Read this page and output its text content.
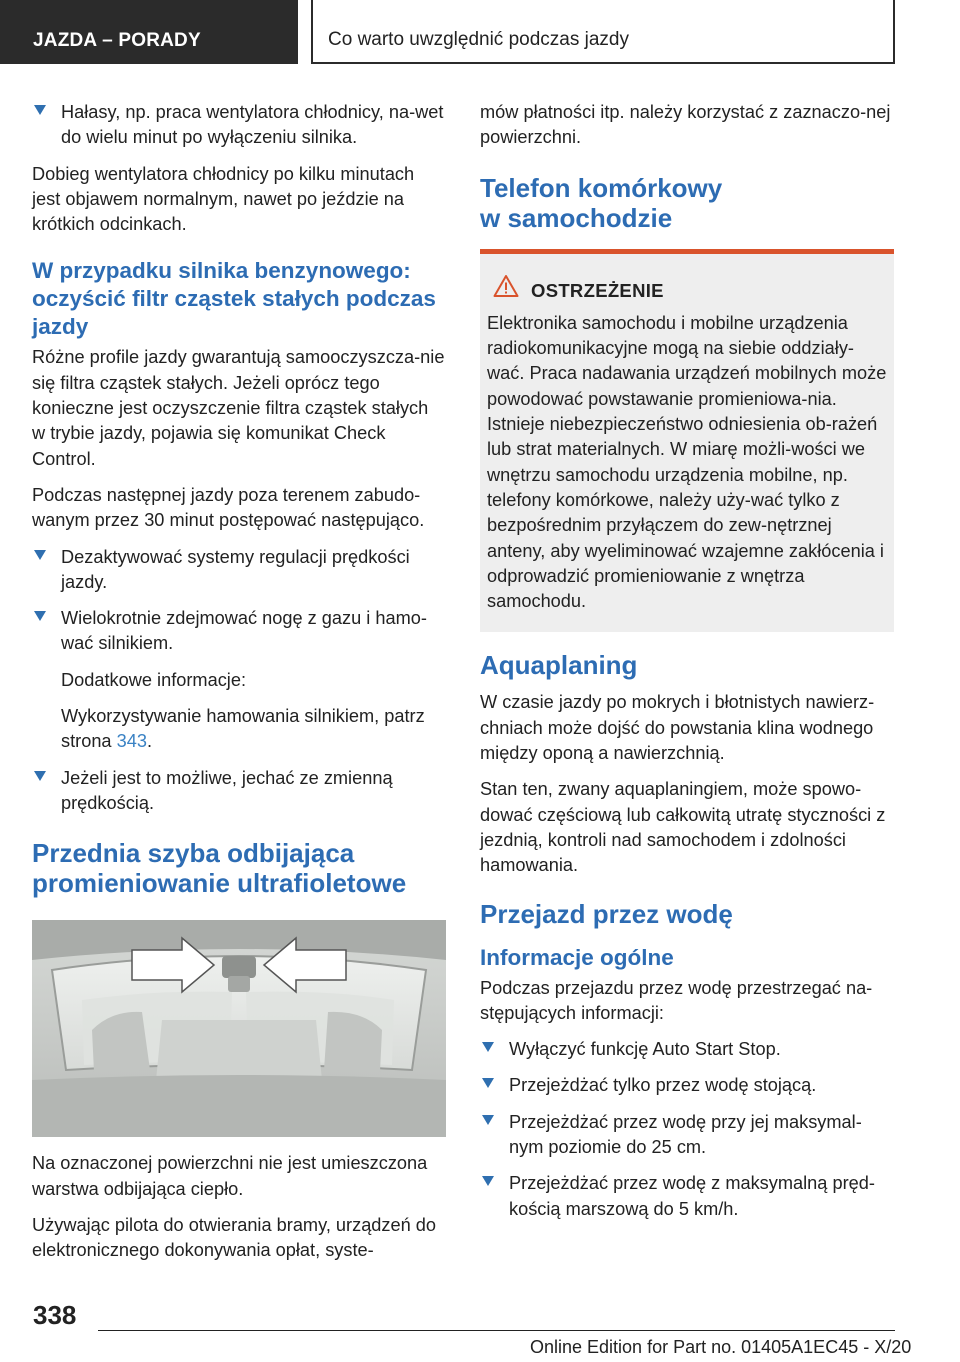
JAZDA – PORADY	Co warto uwzględnić podczas jazdy
Hałasy, np. praca wentylatora chłodnicy, na‐wet do wielu minut po wyłączeniu silnika.

Dobieg wentylatora chłodnicy po kilku minutach jest objawem normalnym, nawet po jeździe na krótkich odcinkach.

W przypadku silnika benzynowego: oczyścić filtr cząstek stałych podczas jazdy

Różne profile jazdy gwarantują samooczyszcza‐nie się filtra cząstek stałych. Jeżeli oprócz tego konieczne jest oczyszczenie filtra cząstek stałych w trybie jazdy, pojawia się komunikat Check Control.

Podczas następnej jazdy poza terenem zabudo‐wanym przez 30 minut postępować następująco.

Dezaktywować systemy regulacji prędkości jazdy.
Wielokrotnie zdejmować nogę z gazu i hamo‐wać silnikiem.
Dodatkowe informacje:
Wykorzystywanie hamowania silnikiem, patrz strona 343.
Jeżeli jest to możliwe, jechać ze zmienną prędkością.
Przednia szyba odbijająca promieniowanie ultrafioletowe

Na oznaczonej powierzchni nie jest umieszczona warstwa odbijająca ciepło.

Używając pilota do otwierania bramy, urządzeń do elektronicznego dokonywania opłat, syste‐

mów płatności itp. należy korzystać z zaznaczo‐nej powierzchni.

Telefon komórkowy w samochodzie
OSTRZEŻENIE

Elektronika samochodu i mobilne urządzenia radiokomunikacyjne mogą na siebie oddziały‐wać. Praca nadawania urządzeń mobilnych może powodować powstawanie promieniowa‐nia. Istnieje niebezpieczeństwo odniesienia ob‐rażeń lub strat materialnych. W miarę możli‐wości we wnętrzu samochodu urządzenia mobilne, np. telefony komórkowe, należy uży‐wać tylko z bezpośrednim przyłączem do zew‐nętrznej anteny, aby wyeliminować wzajemne zakłócenia i odprowadzić promieniowanie z wnętrza samochodu.

Aquaplaning

W czasie jazdy po mokrych i błotnistych nawierz‐chniach może dojść do powstania klina wodnego między oponą a nawierzchnią.

Stan ten, zwany aquaplaningiem, może spowo‐dować częściową lub całkowitą utratę styczności z jezdnią, kontroli nad samochodem i zdolności hamowania.

Przejazd przez wodę
Informacje ogólne

Podczas przejazdu przez wodę przestrzegać na‐stępujących informacji:

Wyłączyć funkcję Auto Start Stop.
Przejeżdżać tylko przez wodę stojącą.
Przejeżdżać przez wodę przy jej maksymal‐nym poziomie do 25 cm.
Przejeżdżać przez wodę z maksymalną pręd‐kością marszową do 5 km/h.
338
Online Edition for Part no. 01405A1EC45 - X/20
